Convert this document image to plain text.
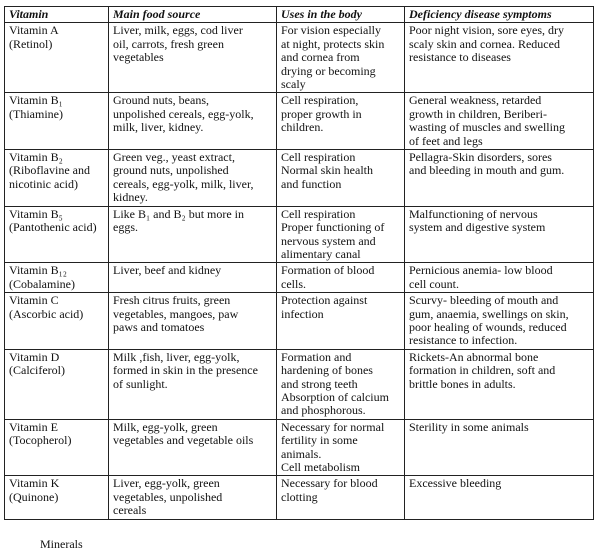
Vitamin	Main food source	Uses in the body	Deficiency disease symptoms

Vitamin A
(Retinol)	Liver, milk, eggs, cod liver
oil, carrots, fresh green
vegetables	For vision especially
at night, protects skin
and cornea from
drying or becoming
scaly	Poor night vision, sore eyes, dry
scaly skin and cornea. Reduced
resistance to diseases

Vitamin B₁
(Thiamine)	Ground nuts, beans,
unpolished cereals, egg-yolk,
milk, liver, kidney.	Cell respiration,
proper growth in
children.	General weakness, retarded
growth in children, Beriberi-
wasting of muscles and swelling
of feet and legs

Vitamin B₂
(Riboflavine and
nicotinic acid)	Green veg., yeast extract,
ground nuts, unpolished
cereals, egg-yolk, milk, liver,
kidney.	Cell respiration
Normal skin health
and function	Pellagra-Skin disorders, sores
and bleeding in mouth and gum.

Vitamin B₅
(Pantothenic acid)	Like B₁ and B₂ but more in
eggs.	Cell respiration
Proper functioning of
nervous system and
alimentary canal	Malfunctioning of nervous
system and digestive system

Vitamin B₁₂
(Cobalamine)	Liver, beef and kidney	Formation of blood
cells.	Pernicious anemia- low blood
cell count.

Vitamin C
(Ascorbic acid)	Fresh citrus fruits, green
vegetables, mangoes, paw
paws and tomatoes	Protection against
infection	Scurvy- bleeding of mouth and
gum, anaemia, swellings on skin,
poor healing of wounds, reduced
resistance to infection.

Vitamin D
(Calciferol)	Milk ,fish, liver, egg-yolk,
formed in skin in the presence
of sunlight.	Formation and
hardening of bones
and strong teeth
Absorption of calcium
and phosphorous.	Rickets-An abnormal bone
formation in children, soft and
brittle bones in adults.

Vitamin E
(Tocopherol)	Milk, egg-yolk, green
vegetables and vegetable oils	Necessary for normal
fertility in some
animals.
Cell metabolism	Sterility in some animals

Vitamin K
(Quinone)	Liver, egg-yolk, green
vegetables, unpolished
cereals	Necessary for blood
clotting	Excessive bleeding
Minerals
